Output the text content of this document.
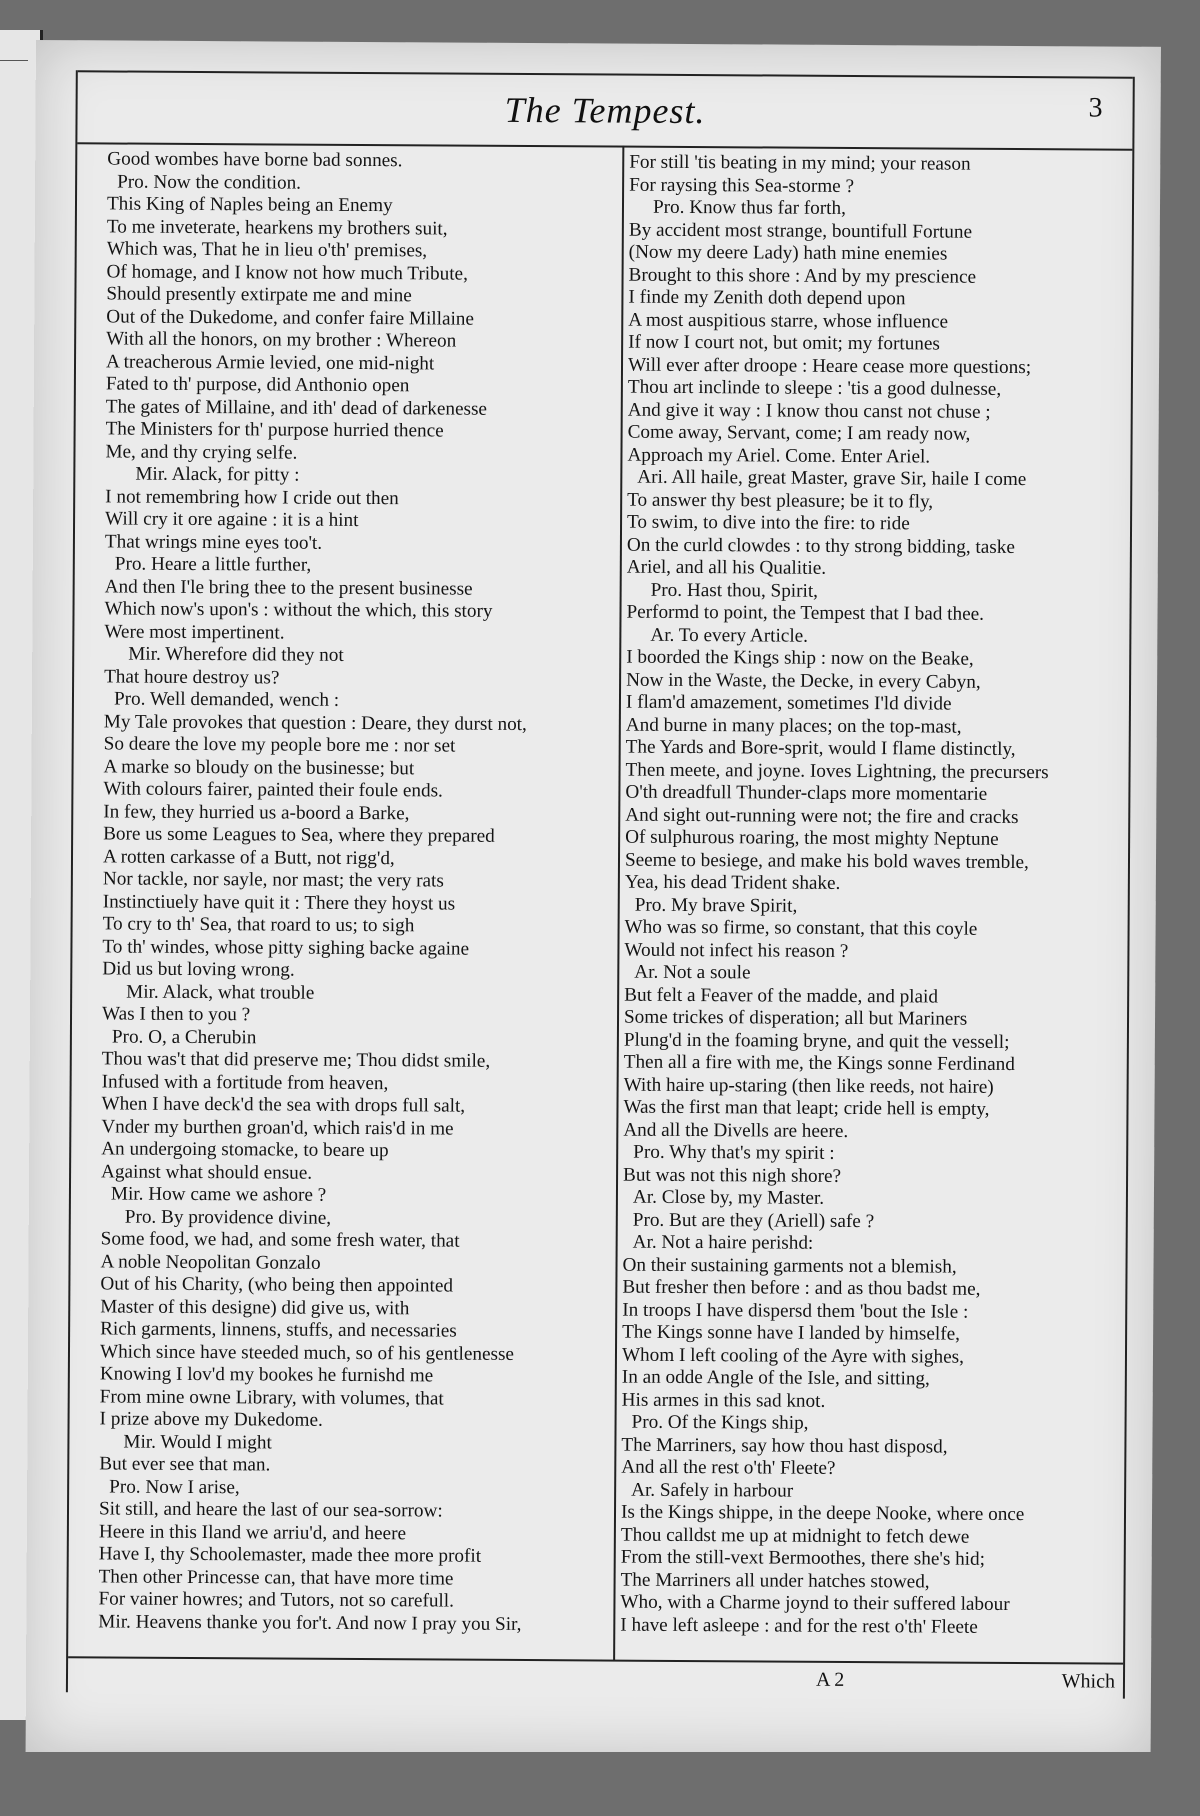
The Tempest.	3
Good wombes have borne bad sonnes.
Pro. Now the condition.
This King of Naples being an Enemy
To me inveterate, hearkens my brothers suit,
Which was, That he in lieu o'th' premises,
Of homage, and I know not how much Tribute,
Should presently extirpate me and mine
Out of the Dukedome, and confer faire Millaine
With all the honors, on my brother : Whereon
A treacherous Armie levied, one mid-night
Fated to th' purpose, did Anthonio open
The gates of Millaine, and ith' dead of darkenesse
The Ministers for th' purpose hurried thence
Me, and thy crying selfe.
Mir. Alack, for pitty :
I not remembring how I cride out then
Will cry it ore againe : it is a hint
That wrings mine eyes too't.
Pro. Heare a little further,
And then I'le bring thee to the present businesse
Which now's upon's : without the which, this story
Were most impertinent.
Mir. Wherefore did they not
That houre destroy us?
Pro. Well demanded, wench :
My Tale provokes that question : Deare, they durst not,
So deare the love my people bore me : nor set
A marke so bloudy on the businesse; but
With colours fairer, painted their foule ends.
In few, they hurried us a-boord a Barke,
Bore us some Leagues to Sea, where they prepared
A rotten carkasse of a Butt, not rigg'd,
Nor tackle, nor sayle, nor mast; the very rats
Instinctiuely have quit it : There they hoyst us
To cry to th' Sea, that roard to us; to sigh
To th' windes, whose pitty sighing backe againe
Did us but loving wrong.
Mir. Alack, what trouble
Was I then to you ?
Pro. O, a Cherubin
Thou was't that did preserve me; Thou didst smile,
Infused with a fortitude from heaven,
When I have deck'd the sea with drops full salt,
Vnder my burthen groan'd, which rais'd in me
An undergoing stomacke, to beare up
Against what should ensue.
Mir. How came we ashore ?
Pro. By providence divine,
Some food, we had, and some fresh water, that
A noble Neopolitan Gonzalo
Out of his Charity, (who being then appointed
Master of this designe) did give us, with
Rich garments, linnens, stuffs, and necessaries
Which since have steeded much, so of his gentlenesse
Knowing I lov'd my bookes he furnishd me
From mine owne Library, with volumes, that
I prize above my Dukedome.
Mir. Would I might
But ever see that man.
Pro. Now I arise,
Sit still, and heare the last of our sea-sorrow:
Heere in this Iland we arriu'd, and heere
Have I, thy Schoolemaster, made thee more profit
Then other Princesse can, that have more time
For vainer howres; and Tutors, not so carefull.
Mir. Heavens thanke you for't. And now I pray you Sir,
For still 'tis beating in my mind; your reason
For raysing this Sea-storme ?
Pro. Know thus far forth,
By accident most strange, bountifull Fortune
(Now my deere Lady) hath mine enemies
Brought to this shore : And by my prescience
I finde my Zenith doth depend upon
A most auspitious starre, whose influence
If now I court not, but omit; my fortunes
Will ever after droope : Heare cease more questions;
Thou art inclinde to sleepe : 'tis a good dulnesse,
And give it way : I know thou canst not chuse ;
Come away, Servant, come; I am ready now,
Approach my Ariel. Come. Enter Ariel.
Ari. All haile, great Master, grave Sir, haile I come
To answer thy best pleasure; be it to fly,
To swim, to dive into the fire: to ride
On the curld clowdes : to thy strong bidding, taske
Ariel, and all his Qualitie.
Pro. Hast thou, Spirit,
Performd to point, the Tempest that I bad thee.
Ar. To every Article.
I boorded the Kings ship : now on the Beake,
Now in the Waste, the Decke, in every Cabyn,
I flam'd amazement, sometimes I'ld divide
And burne in many places; on the top-mast,
The Yards and Bore-sprit, would I flame distinctly,
Then meete, and joyne. Ioves Lightning, the precursers
O'th dreadfull Thunder-claps more momentarie
And sight out-running were not; the fire and cracks
Of sulphurous roaring, the most mighty Neptune
Seeme to besiege, and make his bold waves tremble,
Yea, his dead Trident shake.
Pro. My brave Spirit,
Who was so firme, so constant, that this coyle
Would not infect his reason ?
Ar. Not a soule
But felt a Feaver of the madde, and plaid
Some trickes of disperation; all but Mariners
Plung'd in the foaming bryne, and quit the vessell;
Then all a fire with me, the Kings sonne Ferdinand
With haire up-staring (then like reeds, not haire)
Was the first man that leapt; cride hell is empty,
And all the Divells are heere.
Pro. Why that's my spirit :
But was not this nigh shore?
Ar. Close by, my Master.
Pro. But are they (Ariell) safe ?
Ar. Not a haire perishd:
On their sustaining garments not a blemish,
But fresher then before : and as thou badst me,
In troops I have dispersd them 'bout the Isle :
The Kings sonne have I landed by himselfe,
Whom I left cooling of the Ayre with sighes,
In an odde Angle of the Isle, and sitting,
His armes in this sad knot.
Pro. Of the Kings ship,
The Marriners, say how thou hast disposd,
And all the rest o'th' Fleete?
Ar. Safely in harbour
Is the Kings shippe, in the deepe Nooke, where once
Thou calldst me up at midnight to fetch dewe
From the still-vext Bermoothes, there she's hid;
The Marriners all under hatches stowed,
Who, with a Charme joynd to their suffered labour
I have left asleepe : and for the rest o'th' Fleete
A 2	Which
